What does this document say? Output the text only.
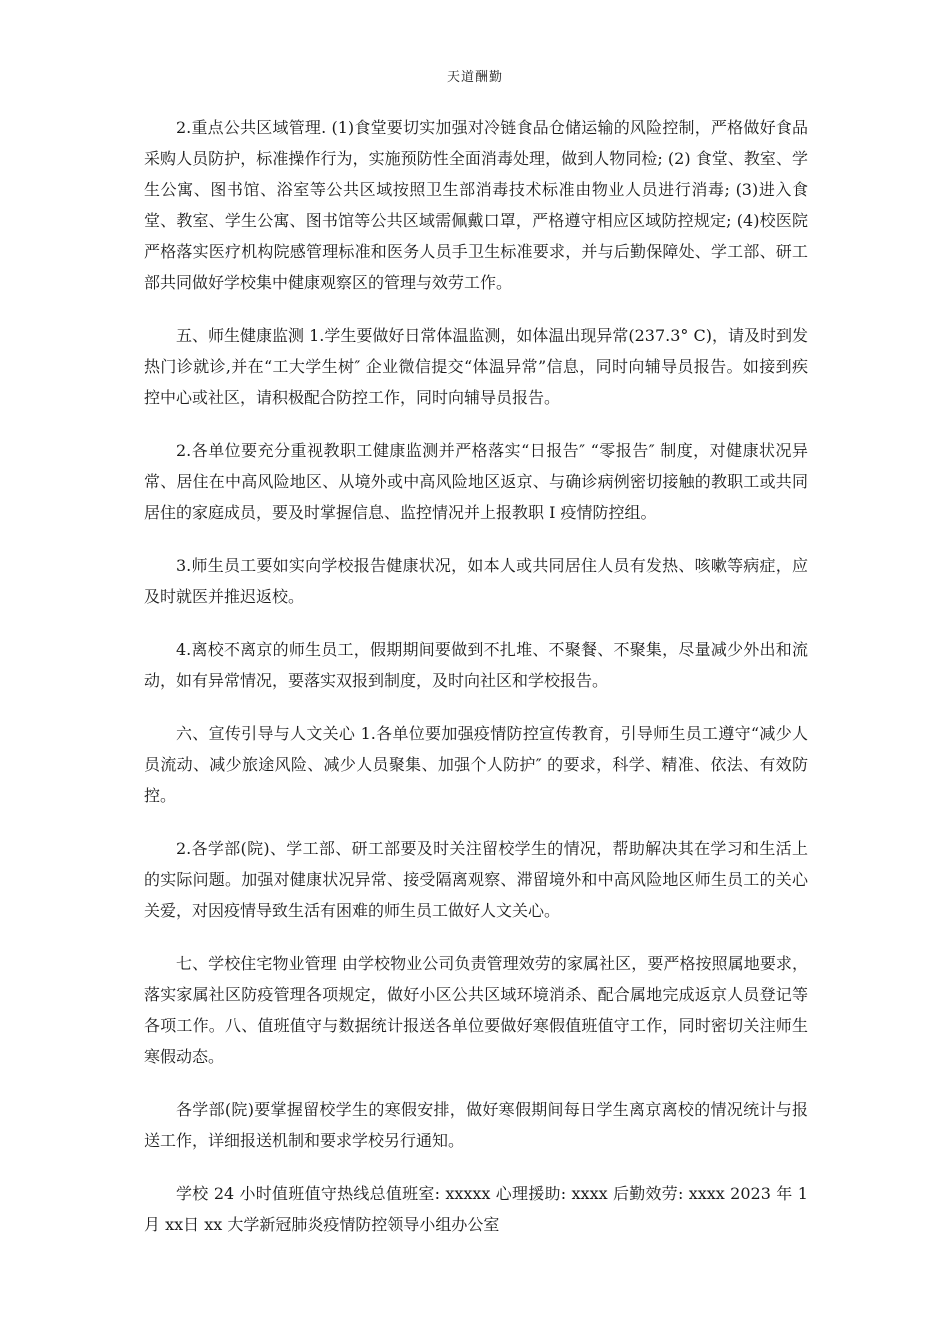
天道酬勤

2.重点公共区域管理. (1)食堂要切实加强对冷链食品仓储运输的风险控制，严格做好食品采购人员防护，标准操作行为，实施预防性全面消毒处理，做到人物同检; (2) 食堂、教室、学生公寓、图书馆、浴室等公共区域按照卫生部消毒技术标准由物业人员进行消毒; (3)进入食堂、教室、学生公寓、图书馆等公共区域需佩戴口罩，严格遵守相应区域防控规定; (4)校医院严格落实医疗机构院感管理标准和医务人员手卫生标准要求，并与后勤保障处、学工部、研工部共同做好学校集中健康观察区的管理与效劳工作。

五、师生健康监测 1.学生要做好日常体温监测，如体温出现异常(237.3° C)，请及时到发热门诊就诊,并在“工大学生树″ 企业微信提交“体温异常”信息，同时向辅导员报告。如接到疾控中心或社区，请积极配合防控工作，同时向辅导员报告。

2.各单位要充分重视教职工健康监测并严格落实“日报告″ “零报告″ 制度，对健康状况异常、居住在中高风险地区、从境外或中高风险地区返京、与确诊病例密切接触的教职工或共同居住的家庭成员，要及时掌握信息、监控情况并上报教职 I 疫情防控组。

3.师生员工要如实向学校报告健康状况，如本人或共同居住人员有发热、咳嗽等病症，应及时就医并推迟返校。

4.离校不离京的师生员工，假期期间要做到不扎堆、不聚餐、不聚集，尽量减少外出和流动，如有异常情况，要落实双报到制度，及时向社区和学校报告。

六、宣传引导与人文关心 1.各单位要加强疫情防控宣传教育，引导师生员工遵守“减少人员流动、减少旅途风险、减少人员聚集、加强个人防护″ 的要求，科学、精准、依法、有效防控。

2.各学部(院)、学工部、研工部要及时关注留校学生的情况，帮助解决其在学习和生活上的实际问题。加强对健康状况异常、接受隔离观察、滞留境外和中高风险地区师生员工的关心关爱，对因疫情导致生活有困难的师生员工做好人文关心。

七、学校住宅物业管理 由学校物业公司负责管理效劳的家属社区，要严格按照属地要求，落实家属社区防疫管理各项规定，做好小区公共区域环境消杀、配合属地完成返京人员登记等各项工作。八、值班值守与数据统计报送各单位要做好寒假值班值守工作，同时密切关注师生寒假动态。

各学部(院)要掌握留校学生的寒假安排，做好寒假期间每日学生离京离校的情况统计与报送工作，详细报送机制和要求学校另行通知。

学校 24 小时值班值守热线总值班室: xxxxx 心理援助: xxxx 后勤效劳: xxxx 2023 年 1 月 xx日 xx 大学新冠肺炎疫情防控领导小组办公室
